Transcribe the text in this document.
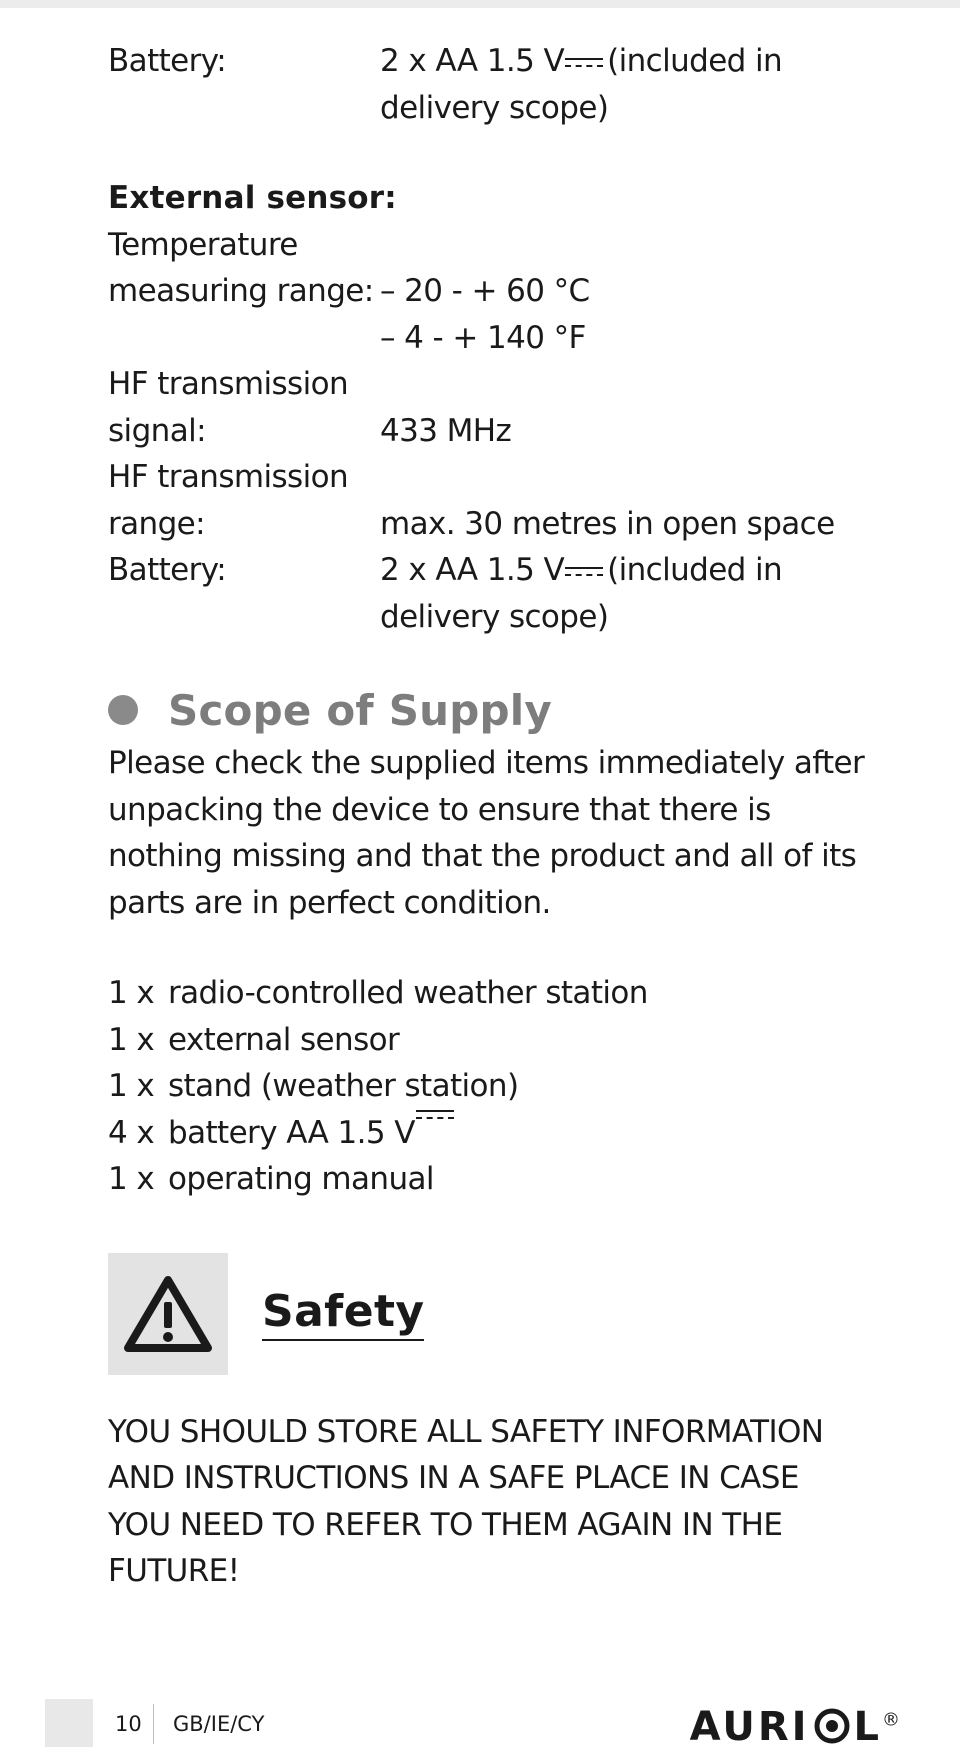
Battery:	2 x AA 1.5 V (included in
delivery scope)
External sensor:
Temperature
measuring range: – 20 - + 60 °C
– 4 - + 140 °F
HF transmission
signal:	433 MHz
HF transmission
range:	max. 30 metres in open space
Battery:	2 x AA 1.5 V (included in
delivery scope)
Scope of Supply
Please check the supplied items immediately after unpacking the device to ensure that there is nothing missing and that the product and all of its parts are in perfect condition.
1 x radio-controlled weather station
1 x external sensor
1 x stand (weather station)
4 x battery AA 1.5 V
1 x operating manual
Safety
YOU SHOULD STORE ALL SAFETY INFORMATION AND INSTRUCTIONS IN A SAFE PLACE IN CASE YOU NEED TO REFER TO THEM AGAIN IN THE FUTURE!
10 GB/IE/CY	AURI L®
